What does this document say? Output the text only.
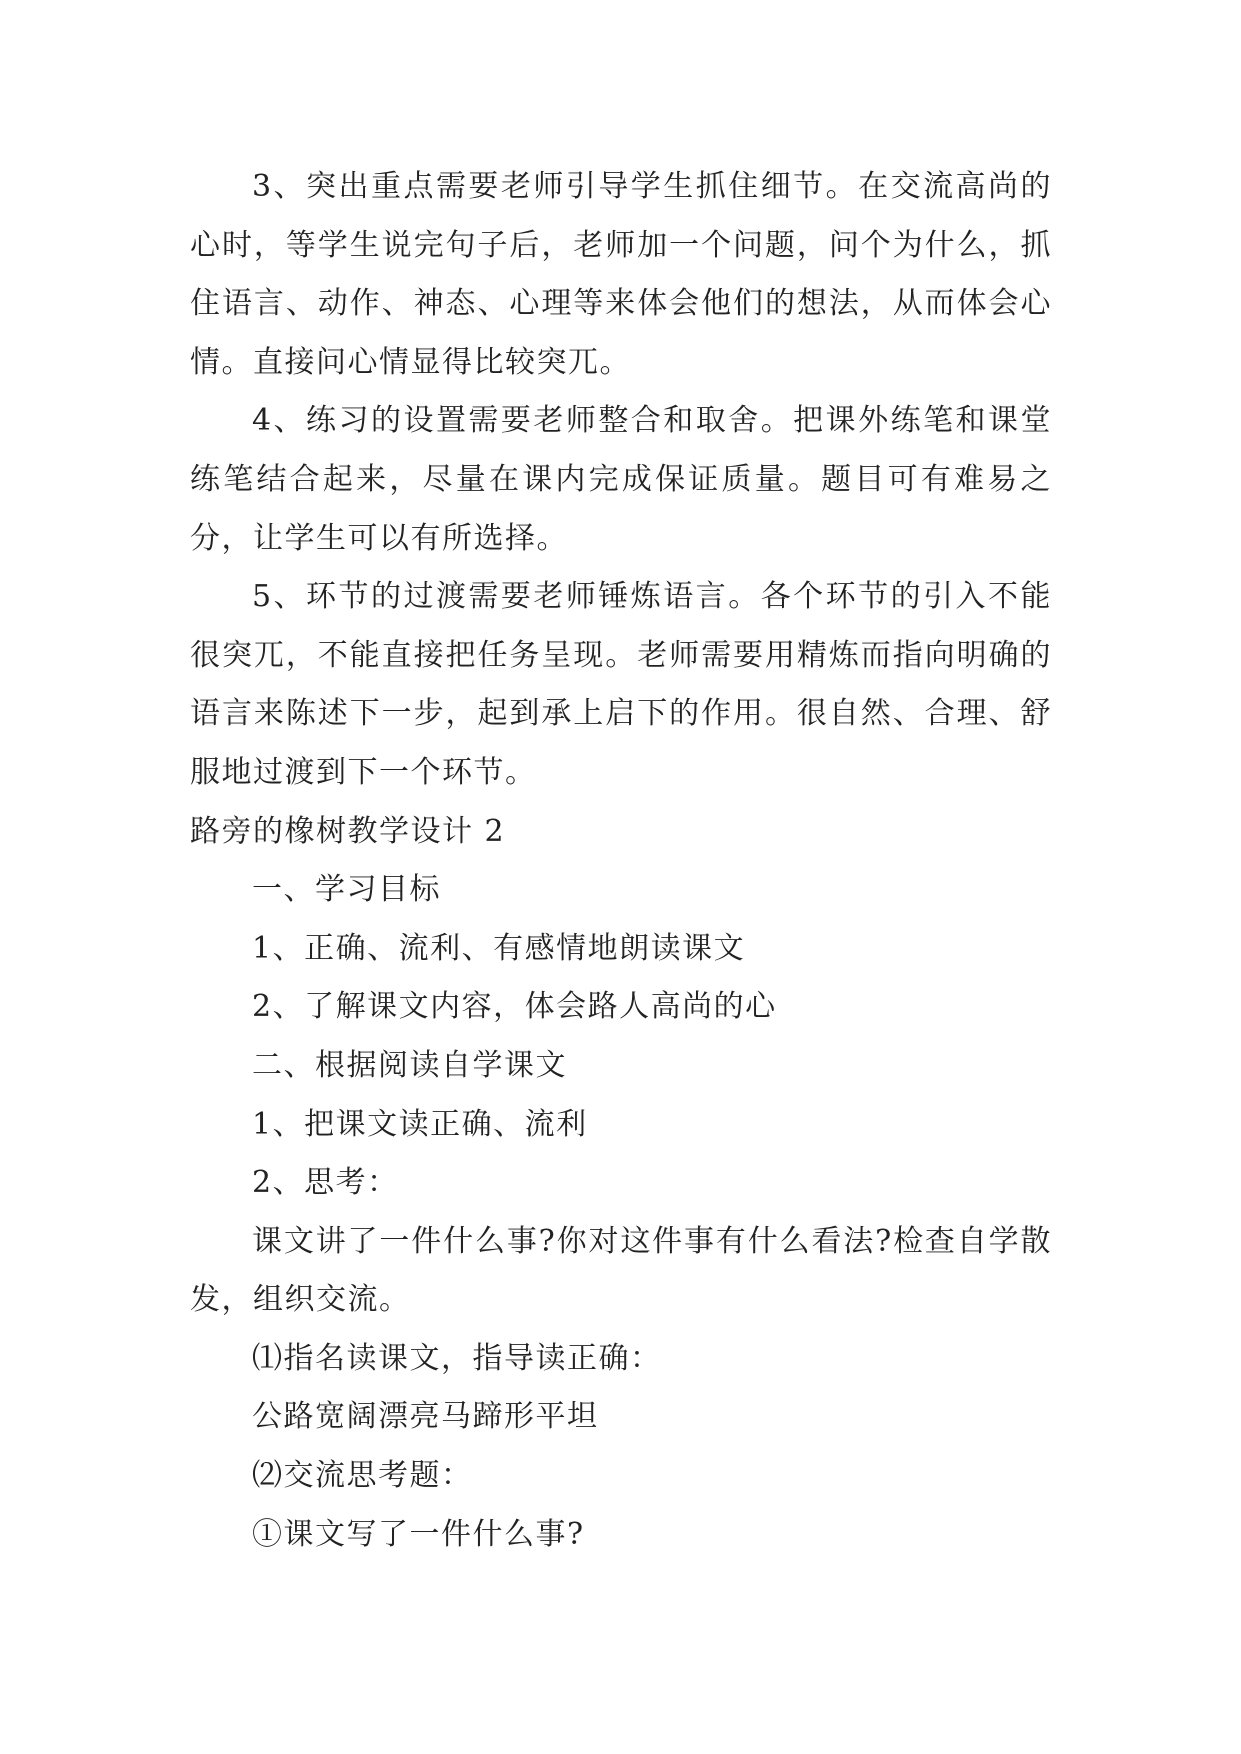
3、突出重点需要老师引导学生抓住细节。在交流高尚的心时，等学生说完句子后，老师加一个问题，问个为什么，抓住语言、动作、神态、心理等来体会他们的想法，从而体会心情。直接问心情显得比较突兀。

4、练习的设置需要老师整合和取舍。把课外练笔和课堂练笔结合起来，尽量在课内完成保证质量。题目可有难易之分，让学生可以有所选择。

5、环节的过渡需要老师锤炼语言。各个环节的引入不能很突兀，不能直接把任务呈现。老师需要用精炼而指向明确的语言来陈述下一步，起到承上启下的作用。很自然、合理、舒服地过渡到下一个环节。

路旁的橡树教学设计 2

一、学习目标

1、正确、流利、有感情地朗读课文

2、了解课文内容，体会路人高尚的心

二、根据阅读自学课文

1、把课文读正确、流利

2、思考：

课文讲了一件什么事?你对这件事有什么看法?检查自学散发，组织交流。

⑴指名读课文，指导读正确：

公路宽阔漂亮马蹄形平坦

⑵交流思考题：

①课文写了一件什么事?
